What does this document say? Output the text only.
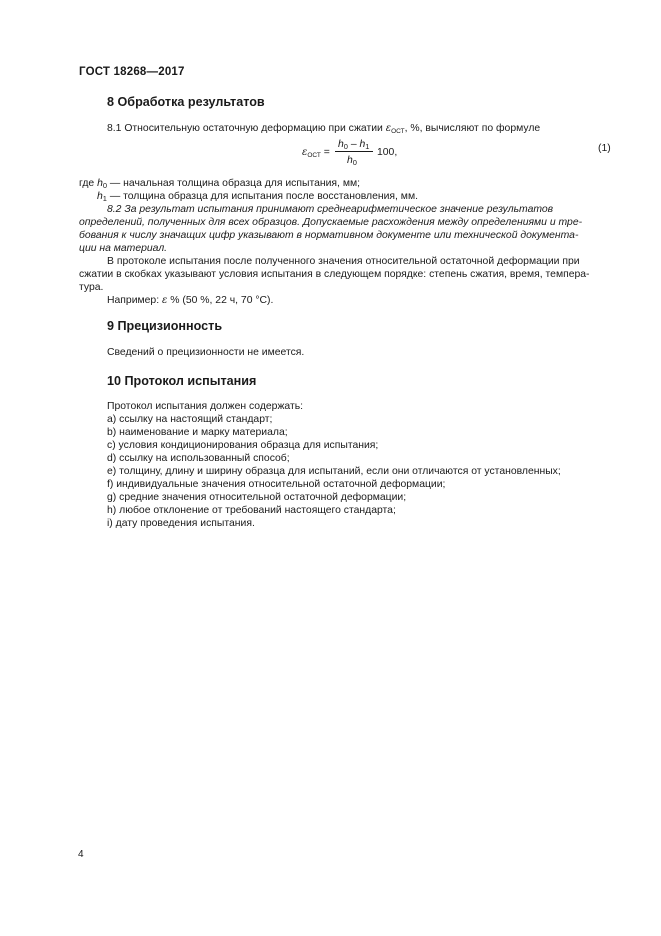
ГОСТ 18268—2017
8 Обработка результатов
8.1 Относительную остаточную деформацию при сжатии εОСТ, %, вычисляют по формуле
εОСТ =
h0 – h1
h0
100,	(1)
где h0 — начальная толщина образца для испытания, мм;
h1 — толщина образца для испытания после восстановления, мм.
8.2 За результат испытания принимают среднеарифметическое значение результатов
определений, полученных для всех образцов. Допускаемые расхождения между определениями и тре-
бования к числу значащих цифр указывают в нормативном документе или технической документа-
ции на материал.
В протоколе испытания после полученного значения относительной остаточной деформации при
сжатии в скобках указывают условия испытания в следующем порядке: степень сжатия, время, темпера-
тура.
Например: ε % (50 %, 22 ч, 70 °С).
9 Прецизионность
Сведений о прецизионности не имеется.
10 Протокол испытания
Протокол испытания должен содержать:
а) ссылку на настоящий стандарт;
b) наименование и марку материала;
с) условия кондиционирования образца для испытания;
d) ссылку на использованный способ;
e) толщину, длину и ширину образца для испытаний, если они отличаются от установленных;
f) индивидуальные значения относительной остаточной деформации;
g) средние значения относительной остаточной деформации;
h) любое отклонение от требований настоящего стандарта;
i) дату проведения испытания.
4
